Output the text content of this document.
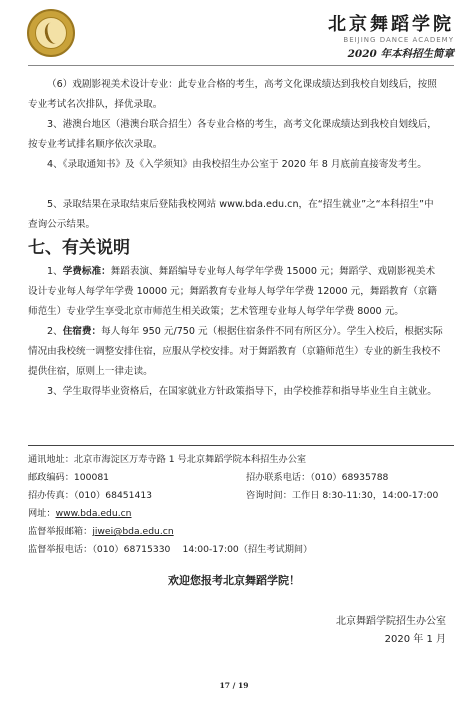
北京舞蹈学院
BEIJING DANCE ACADEMY
2020 年本科招生简章

（6）戏剧影视美术设计专业：此专业合格的考生，高考文化课成绩达到我校自划线后，按照专业考试名次排队，择优录取。

3、港澳台地区（港澳台联合招生）各专业合格的考生，高考文化课成绩达到我校自划线后，按专业考试排名顺序依次录取。

4、《录取通知书》及《入学须知》由我校招生办公室于 2020 年 8 月底前直接寄发考生。

5、录取结果在录取结束后登陆我校网站 www.bda.edu.cn，在“招生就业”之“本科招生”中查询公示结果。

七、有关说明

1、学费标准：舞蹈表演、舞蹈编导专业每人每学年学费 15000 元；舞蹈学、戏剧影视美术设计专业每人每学年学费 10000 元；舞蹈教育专业每人每学年学费 12000 元，舞蹈教育（京籍师范生）专业学生享受北京市师范生相关政策；艺术管理专业每人每学年学费 8000 元。

2、住宿费：每人每年 950 元/750 元（根据住宿条件不同有所区分）。学生入校后，根据实际情况由我校统一调整安排住宿，应服从学校安排。对于舞蹈教育（京籍师范生）专业的新生我校不提供住宿，原则上一律走读。

3、学生取得毕业资格后，在国家就业方针政策指导下，由学校推荐和指导毕业生自主就业。

通讯地址：北京市海淀区万寿寺路 1 号北京舞蹈学院本科招生办公室
邮政编码：100081	招办联系电话：（010）68935788
招办传真：（010）68451413	咨询时间：工作日 8:30-11:30，14:00-17:00
网址：www.bda.edu.cn
监督举报邮箱：jiwei@bda.edu.cn
监督举报电话：（010）68715330　 14:00-17:00（招生考试期间）
欢迎您报考北京舞蹈学院！
北京舞蹈学院招生办公室
2020 年 1 月
17 / 19
